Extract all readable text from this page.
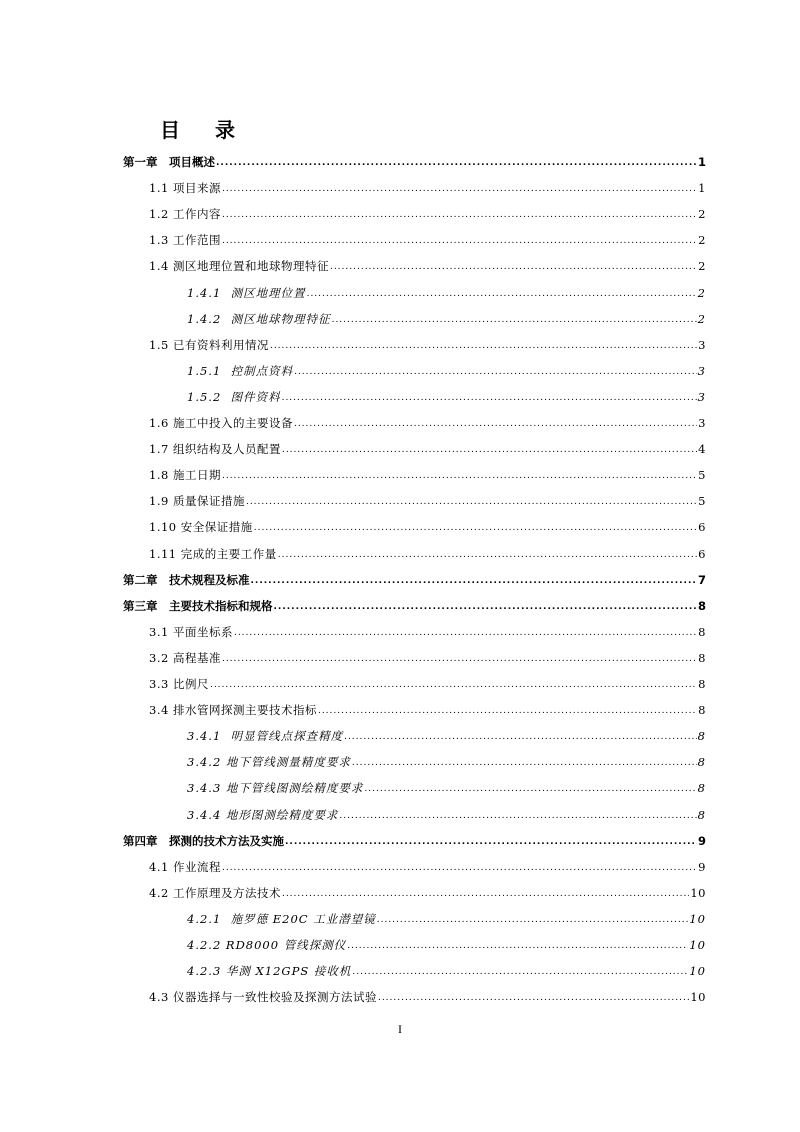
目 录
第一章　项目概述 .....	1
1.1 项目来源 .....	1
1.2 工作内容 .....	2
1.3 工作范围 .....	2
1.4 测区地理位置和地球物理特征 .....	2
1.4.1  测区地理位置 .....	2
1.4.2  测区地球物理特征 .....	2
1.5 已有资料利用情况 .....	3
1.5.1  控制点资料 .....	3
1.5.2  图件资料 .....	3
1.6 施工中投入的主要设备 .....	3
1.7 组织结构及人员配置 .....	4
1.8 施工日期 .....	5
1.9 质量保证措施 .....	5
1.10 安全保证措施 .....	6
1.11 完成的主要工作量 .....	6
第二章　技术规程及标准 .....	7
第三章　主要技术指标和规格 .....	8
3.1 平面坐标系 .....	8
3.2 高程基准 .....	8
3.3 比例尺 .....	8
3.4 排水管网探测主要技术指标 .....	8
3.4.1  明显管线点探查精度 .....	8
3.4.2 地下管线测量精度要求 .....	8
3.4.3 地下管线图测绘精度要求 .....	8
3.4.4 地形图测绘精度要求 .....	8
第四章　探测的技术方法及实施 .....	9
4.1 作业流程 .....	9
4.2 工作原理及方法技术 .....	10
4.2.1  施罗德 E20C 工业潜望镜 .....	10
4.2.2 RD8000 管线探测仪 .....	10
4.2.3 华测 X12GPS 接收机 .....	10
4.3 仪器选择与一致性校验及探测方法试验 .....	10
I
